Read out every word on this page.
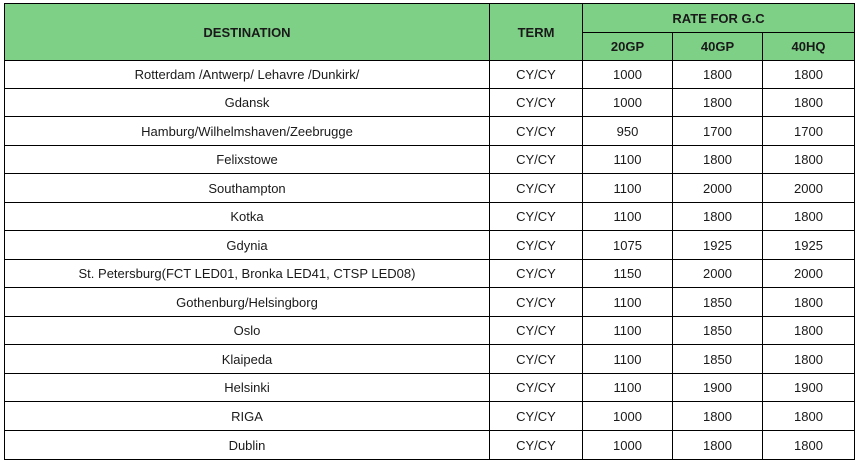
DESTINATION	TERM	RATE FOR G.C		
		20GP	40GP	40HQ
Rotterdam /Antwerp/ Lehavre /Dunkirk/	CY/CY	1000	1800	1800
Gdansk	CY/CY	1000	1800	1800
Hamburg/Wilhelmshaven/Zeebrugge	CY/CY	950	1700	1700
Felixstowe	CY/CY	1100	1800	1800
Southampton	CY/CY	1100	2000	2000
Kotka	CY/CY	1100	1800	1800
Gdynia	CY/CY	1075	1925	1925
St. Petersburg(FCT LED01, Bronka LED41, CTSP LED08)	CY/CY	1150	2000	2000
Gothenburg/Helsingborg	CY/CY	1100	1850	1800
Oslo	CY/CY	1100	1850	1800
Klaipeda	CY/CY	1100	1850	1800
Helsinki	CY/CY	1100	1900	1900
RIGA	CY/CY	1000	1800	1800
Dublin	CY/CY	1000	1800	1800
